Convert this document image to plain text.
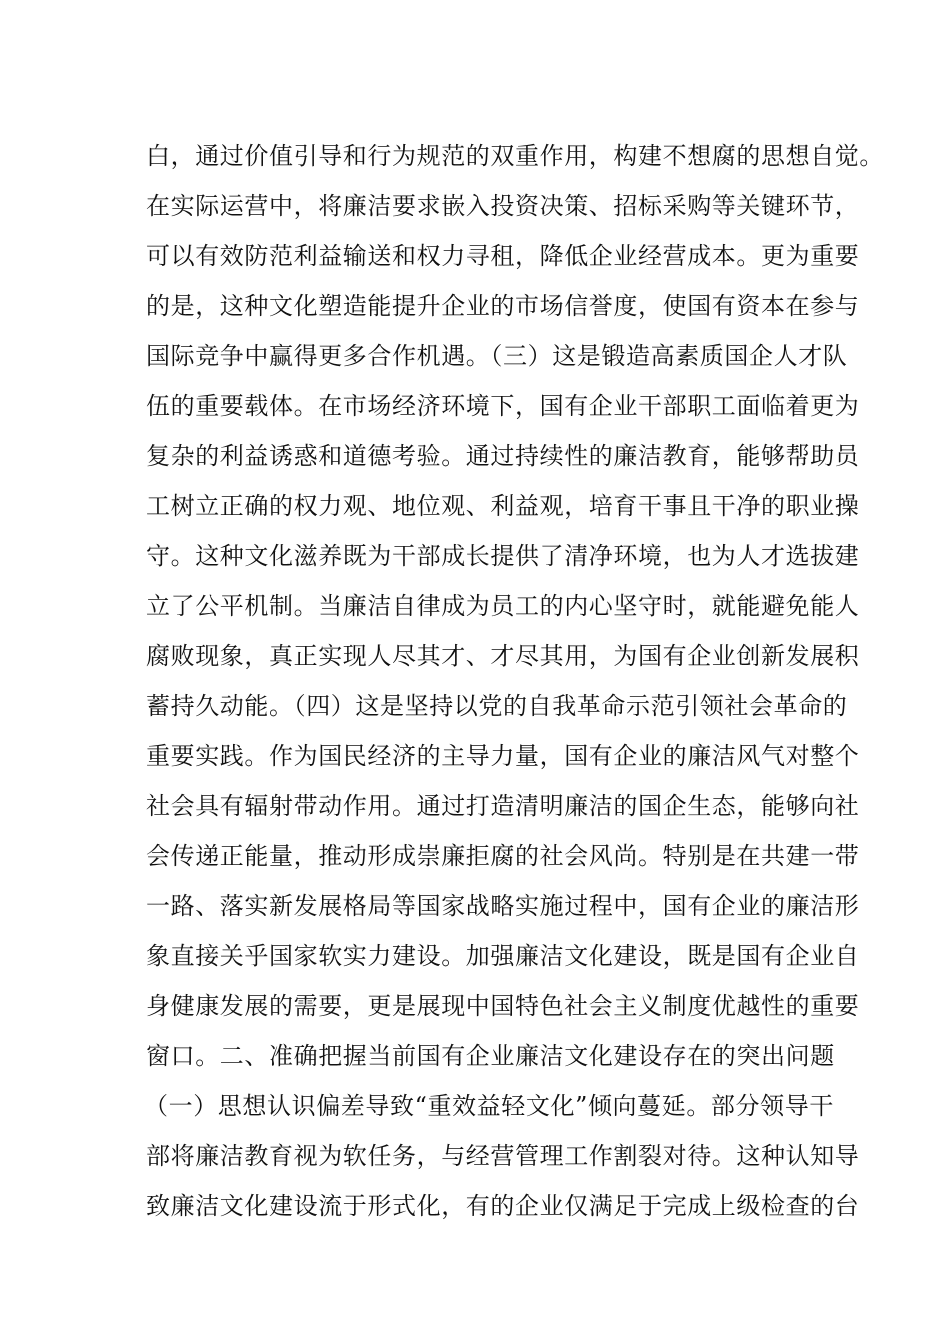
白，通过价值引导和行为规范的双重作用，构建不想腐的思想自觉。
在实际运营中，将廉洁要求嵌入投资决策、招标采购等关键环节，
可以有效防范利益输送和权力寻租，降低企业经营成本。更为重要
的是，这种文化塑造能提升企业的市场信誉度，使国有资本在参与
国际竞争中赢得更多合作机遇。（三）这是锻造高素质国企人才队
伍的重要载体。在市场经济环境下，国有企业干部职工面临着更为
复杂的利益诱惑和道德考验。通过持续性的廉洁教育，能够帮助员
工树立正确的权力观、地位观、利益观，培育干事且干净的职业操
守。这种文化滋养既为干部成长提供了清净环境，也为人才选拔建
立了公平机制。当廉洁自律成为员工的内心坚守时，就能避免能人
腐败现象，真正实现人尽其才、才尽其用，为国有企业创新发展积
蓄持久动能。（四）这是坚持以党的自我革命示范引领社会革命的
重要实践。作为国民经济的主导力量，国有企业的廉洁风气对整个
社会具有辐射带动作用。通过打造清明廉洁的国企生态，能够向社
会传递正能量，推动形成崇廉拒腐的社会风尚。特别是在共建一带
一路、落实新发展格局等国家战略实施过程中，国有企业的廉洁形
象直接关乎国家软实力建设。加强廉洁文化建设，既是国有企业自
身健康发展的需要，更是展现中国特色社会主义制度优越性的重要
窗口。二、准确把握当前国有企业廉洁文化建设存在的突出问题
（一）思想认识偏差导致“重效益轻文化”倾向蔓延。部分领导干
部将廉洁教育视为软任务，与经营管理工作割裂对待。这种认知导
致廉洁文化建设流于形式化，有的企业仅满足于完成上级检查的台
